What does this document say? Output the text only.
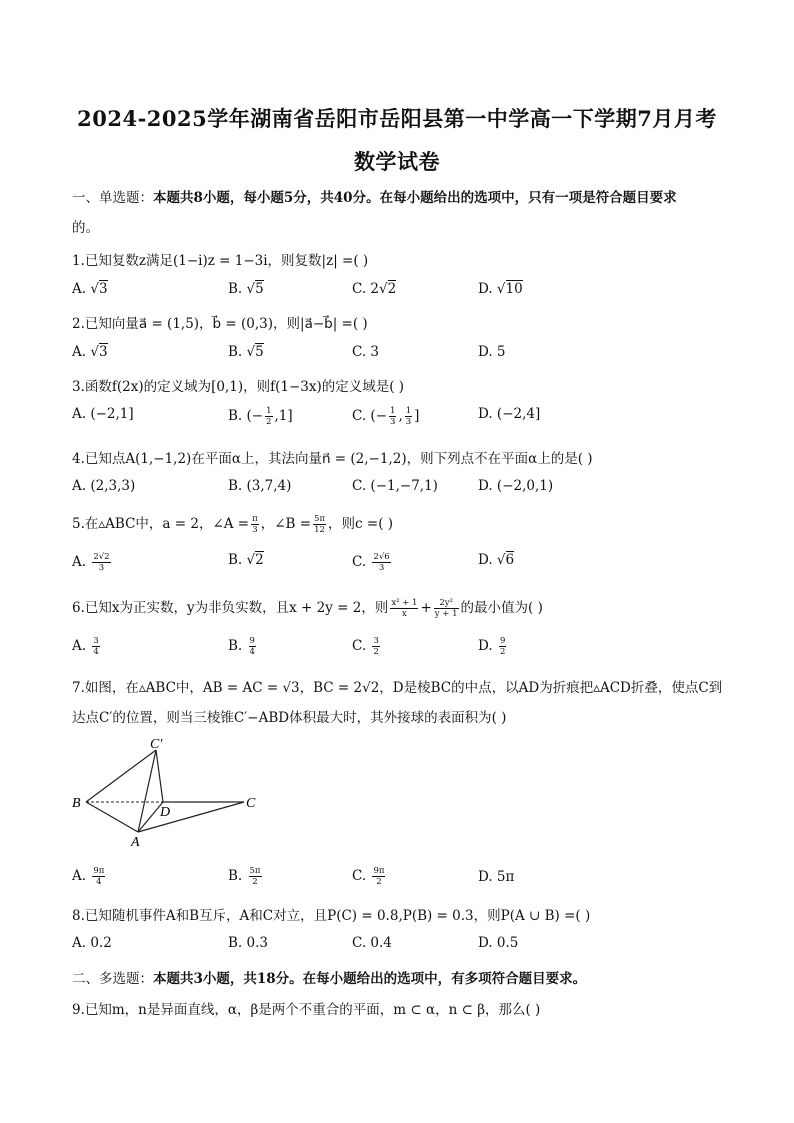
2024-2025学年湖南省岳阳市岳阳县第一中学高一下学期7月月考
数学试卷
一、单选题：本题共8小题，每小题5分，共40分。在每小题给出的选项中，只有一项是符合题目要求
的。
1.已知复数z满足(1−i)z = 1−3i，则复数|z| =( )
A. √3	B. √5	C. 2√2	D. √10
2.已知向量a⃗ = (1,5)，b⃗ = (0,3)，则|a⃗−b⃗| =( )
A. √3	B. √5	C. 3	D. 5
3.函数f(2x)的定义域为[0,1)，则f(1−3x)的定义域是( )
A. (−2,1]	B. (− $\frac{1}{2} ,1$]	C. (− $\frac{1}{3}$ , $\frac{1}{3}$ ]	D. (−2,4]
4.已知点A(1,−1,2)在平面α上，其法向量n⃗ = (2,−1,2)，则下列点不在平面α上的是( )
A. (2,3,3)	B. (3,7,4)	C. (−1,−7,1)	D. (−2,0,1)
5.在▵ABC中，a = 2，∠A = $\frac{\pi}{3}$ ，∠B = $\frac{5\pi}{12}$ ，则c =( )
A. $\frac{2√2}{3}$	B. √2	C. $\frac{2√6}{3}$	D. √6
6.已知x为正实数，y为非负实数，且x + 2y = 2，则 $\frac{\text{x² + 1}}{x} + \frac{\text{2y²}}{y + 1}$ 的最小值为( )
A. $\frac{3}{4}$	B. $\frac{9}{4}$	C. $\frac{3}{2}$	D. $\frac{9}{2}$
7.如图，在▵ABC中，AB = AC = √3，BC = 2√2，D是棱BC的中点，以AD为折痕把▵ACD折叠，使点C到
达点C′的位置，则当三棱锥C′−ABD体积最大时，其外接球的表面积为( )
C′
B
D
C
A
A. $\frac{9\pi}{4}$	B. $\frac{5\pi}{2}$	C. $\frac{9\pi}{2}$	D. 5π
8.已知随机事件A和B互斥，A和C对立，且P(C) = 0.8,P(B) = 0.3，则P(A ∪ B) =( )
A. 0.2	B. 0.3	C. 0.4	D. 0.5
二、多选题：本题共3小题，共18分。在每小题给出的选项中，有多项符合题目要求。
9.已知m，n是异面直线，α，β是两个不重合的平面，m ⊂ α，n ⊂ β，那么( )
